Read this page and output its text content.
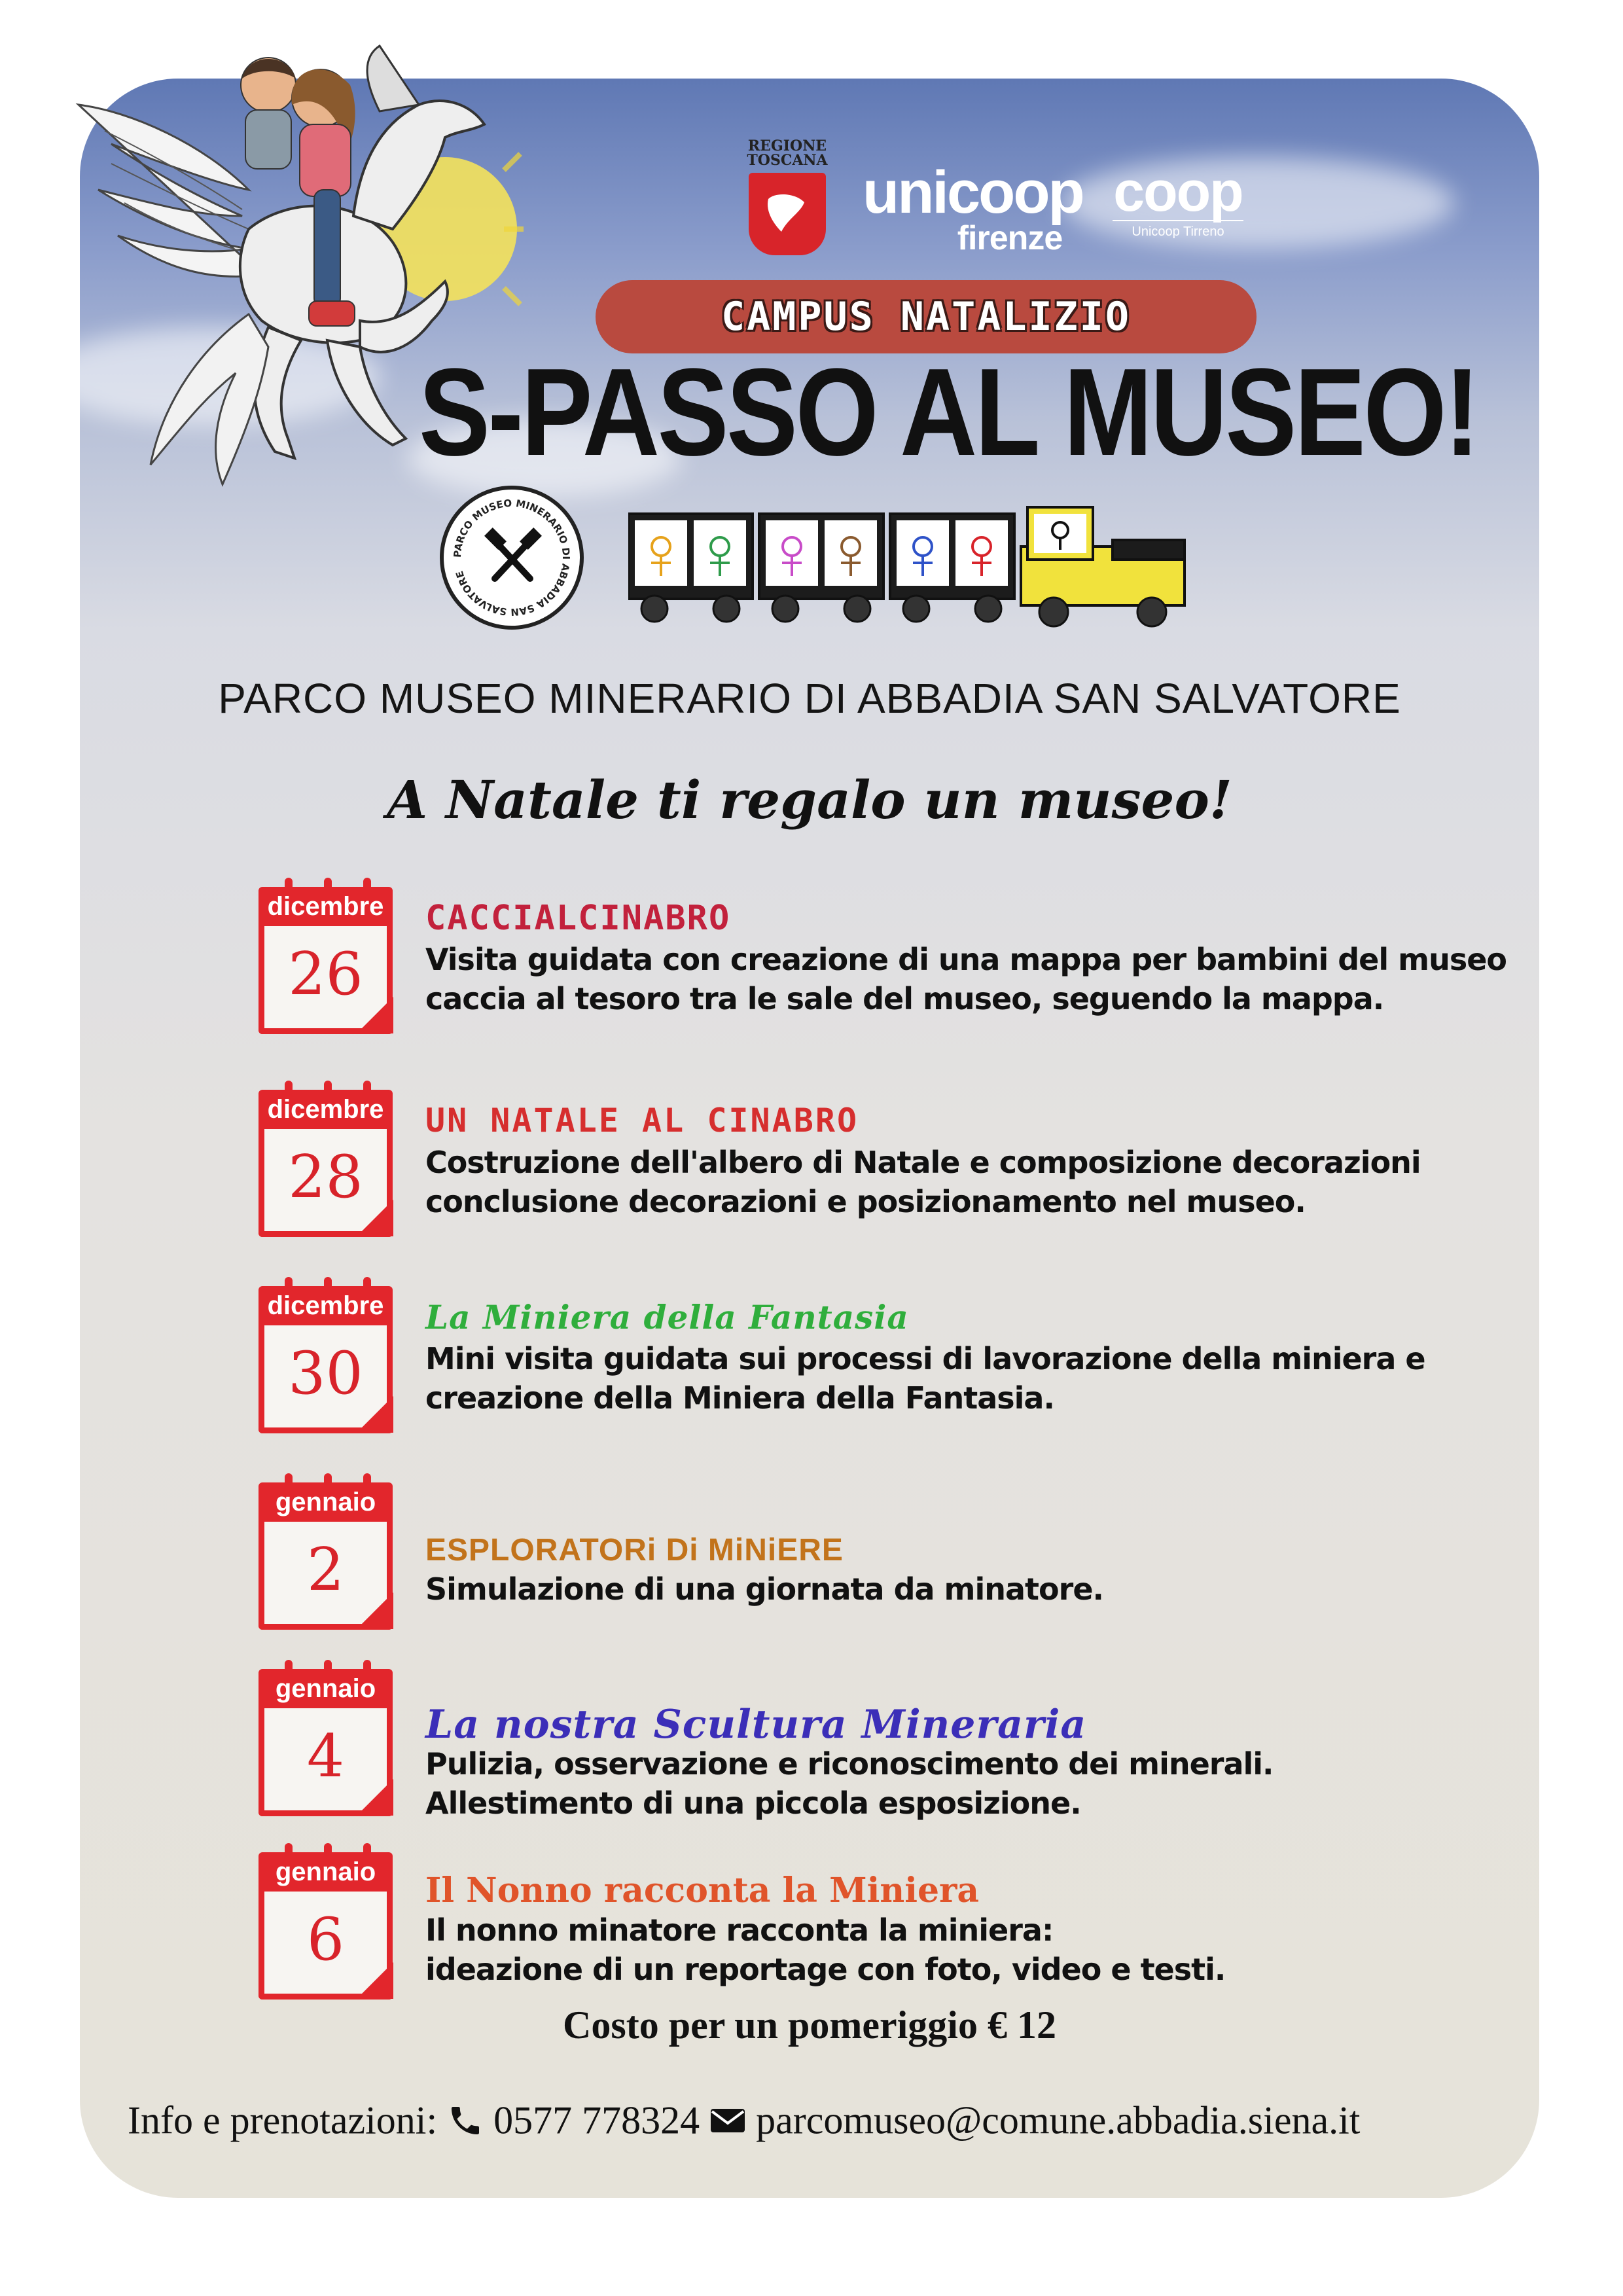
REGIONE TOSCANA unicoop
firenze
coop
Unicoop Tirreno
CAMPUS NATALIZIO
S-PASSO AL MUSEO!
PARCO MUSEO MINERARIO DI ABBADIA SAN SALVATORE
PARCO MUSEO MINERARIO DI ABBADIA SAN SALVATORE
A Natale ti regalo un museo!
dicembre
26
CACCIALCINABRO
Visita guidata con creazione di una mappa per bambini del museo
caccia al tesoro tra le sale del museo, seguendo la mappa.
dicembre
28
UN NATALE AL CINABRO
Costruzione dell'albero di Natale e composizione decorazioni
conclusione decorazioni e posizionamento nel museo.
dicembre
30
La Miniera della Fantasia
Mini visita guidata sui processi di lavorazione della miniera e
creazione della Miniera della Fantasia.
gennaio
2	ESPLORATORi Di MiNiERE
Simulazione di una giornata da minatore.
gennaio
4	La nostra Scultura Mineraria
Pulizia, osservazione e riconoscimento dei minerali.
Allestimento di una piccola esposizione.
gennaio
6
Il Nonno racconta la Miniera
Il nonno minatore racconta la miniera:
ideazione di un reportage con foto, video e testi.
Costo per un pomeriggio € 12
Info e prenotazioni: 0577 778324 parcomuseo@comune.abbadia.siena.it
